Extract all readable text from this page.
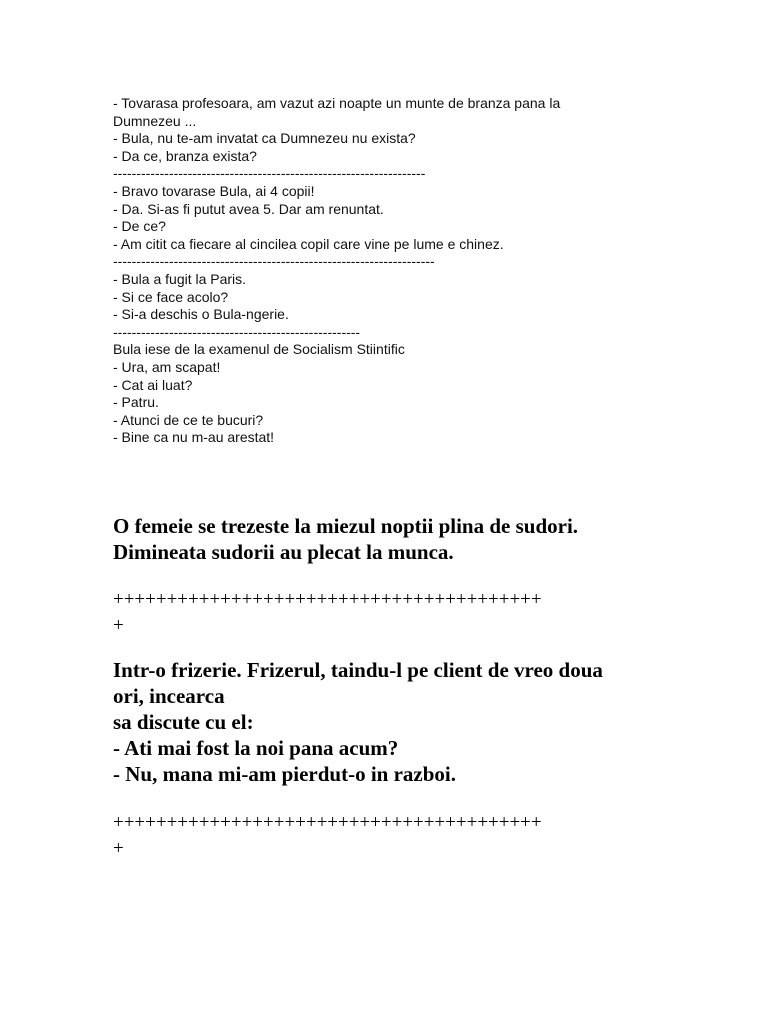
- Tovarasa profesoara, am vazut azi noapte un munte de branza pana la
Dumnezeu ...
- Bula, nu te-am invatat ca Dumnezeu nu exista?
- Da ce, branza exista?
-------------------------------------------------------------------
- Bravo tovarase Bula, ai 4 copii!
- Da. Si-as fi putut avea 5. Dar am renuntat.
- De ce?
- Am citit ca fiecare al cincilea copil care vine pe lume e chinez.
---------------------------------------------------------------------
- Bula a fugit la Paris.
- Si ce face acolo?
- Si-a deschis o Bula-ngerie.
-----------------------------------------------------
Bula iese de la examenul de Socialism Stiintific
- Ura, am scapat!
- Cat ai luat?
- Patru.
- Atunci de ce te bucuri?
- Bine ca nu m-au arestat!
O femeie se trezeste la miezul noptii plina de sudori.
Dimineata sudorii au plecat la munca.
++++++++++++++++++++++++++++++++++++++++
+
Intr-o frizerie. Frizerul, taindu-l pe client de vreo doua
ori, incearca
sa discute cu el:
- Ati mai fost la noi pana acum?
- Nu, mana mi-am pierdut-o in razboi.
++++++++++++++++++++++++++++++++++++++++
+
